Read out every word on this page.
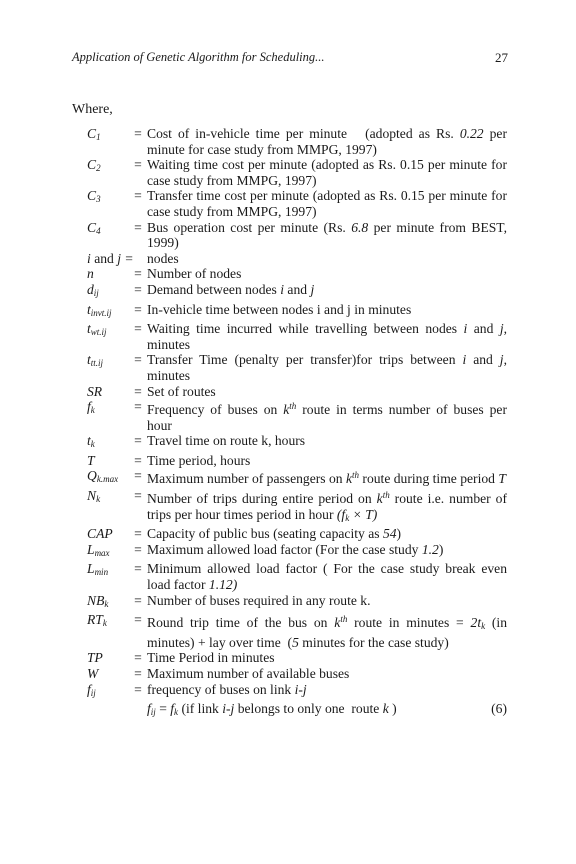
Application of Genetic Algorithm for Scheduling...	27
Where,
$C_1$	= Cost of in-vehicle time per minute   (adopted as Rs. 0.22 per minute for case study from MMPG, 1997)
$C_2$	= Waiting time cost per minute (adopted as Rs. 0.15 per minute for case study from MMPG, 1997)
$C_3$	= Transfer time cost per minute (adopted as Rs. 0.15 per minute for case study from MMPG, 1997)
$C_4$	= Bus operation cost per minute (Rs. 6.8 per minute from BEST, 1999)
i and j = nodes
n	= Number of nodes
$d_{ij}$	= Demand between nodes i and j
$t_{invt.ij}$	= In-vehicle time between nodes i and j in minutes
$t_{wt.ij}$	= Waiting time incurred while travelling between nodes i and j, minutes
$t_{tt.ij}$	= Transfer Time (penalty per transfer)for trips between i and j, minutes
SR	= Set of routes
$f_k$	= Frequency of buses on $k^{th}$ route in terms number of buses per hour
$t_k$	= Travel time on route k, hours
T	= Time period, hours
$Q_{k.max}$	= Maximum number of passengers on $k^{th}$ route during time period T
$N_k$	= Number of trips during entire period on $k^{th}$ route i.e. number of trips per hour times period in hour $(f_k \times T)$
CAP	= Capacity of public bus (seating capacity as 54)
$L_{max}$	= Maximum allowed load factor (For the case study 1.2)
$L_{min}$	= Minimum allowed load factor ( For the case study break even load factor 1.12)
$NB_k$	= Number of buses required in any route k.
$RT_k$	= Round trip time of the bus on $k^{th}$ route in minutes = $2t_k$ (in minutes) + lay over time  (5 minutes for the case study)
TP	= Time Period in minutes
W	= Maximum number of available buses
$f_{ij}$	= frequency of buses on link i-j
$f_{ij} = f_k$ (if link i-j belongs to only one  route k )	(6)
